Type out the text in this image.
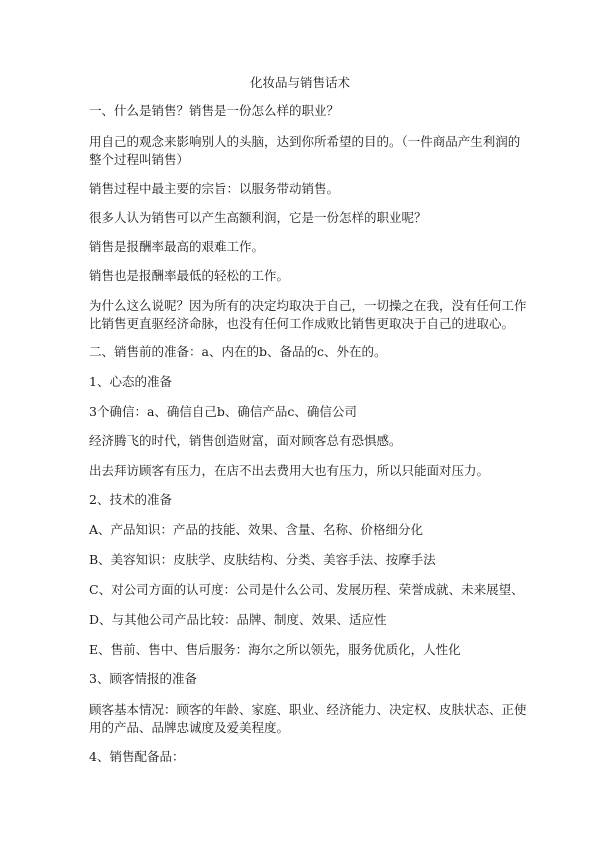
化妆品与销售话术
一、什么是销售？销售是一份怎么样的职业？
用自己的观念来影响别人的头脑，达到你所希望的目的。（一件商品产生利润的
整个过程叫销售）
销售过程中最主要的宗旨：以服务带动销售。
很多人认为销售可以产生高额利润，它是一份怎样的职业呢？
销售是报酬率最高的艰难工作。
销售也是报酬率最低的轻松的工作。
为什么这么说呢？因为所有的决定均取决于自己，一切操之在我，没有任何工作
比销售更直驱经济命脉，也没有任何工作成败比销售更取决于自己的进取心。
二、销售前的准备：a、内在的b、备品的c、外在的。
1、心态的准备
3个确信：a、确信自己b、确信产品c、确信公司
经济腾飞的时代，销售创造财富，面对顾客总有恐惧感。
出去拜访顾客有压力，在店不出去费用大也有压力，所以只能面对压力。
2、技术的准备
A、产品知识：产品的技能、效果、含量、名称、价格细分化
B、美容知识：皮肤学、皮肤结构、分类、美容手法、按摩手法
C、对公司方面的认可度：公司是什么公司、发展历程、荣誉成就、未来展望、
D、与其他公司产品比较：品牌、制度、效果、适应性
E、售前、售中、售后服务：海尔之所以领先，服务优质化，人性化
3、顾客情报的准备
顾客基本情况：顾客的年龄、家庭、职业、经济能力、决定权、皮肤状态、正使
用的产品、品牌忠诚度及爱美程度。
4、销售配备品：
